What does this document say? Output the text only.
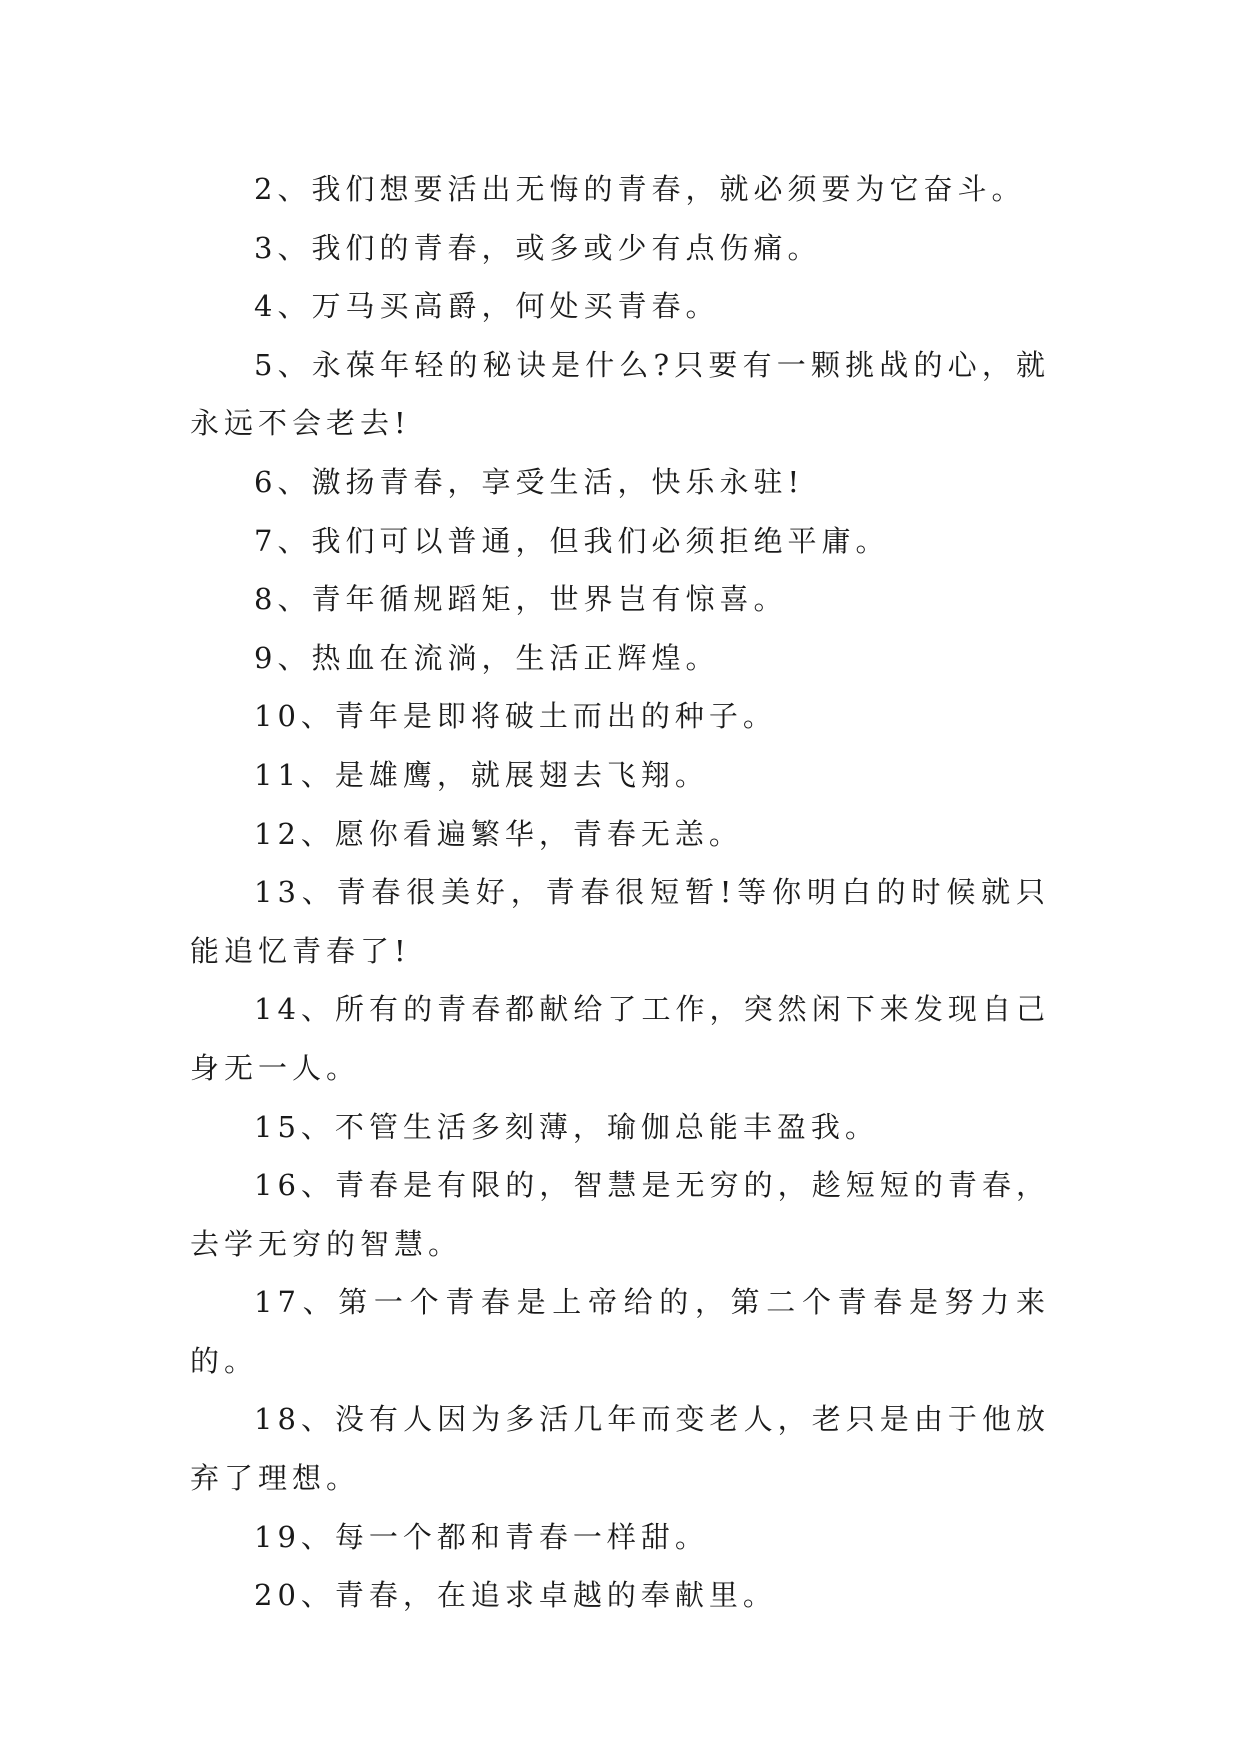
2、我们想要活出无悔的青春，就必须要为它奋斗。

3、我们的青春，或多或少有点伤痛。

4、万马买高爵，何处买青春。

5、永葆年轻的秘诀是什么?只要有一颗挑战的心，就永远不会老去!

6、激扬青春，享受生活，快乐永驻!

7、我们可以普通，但我们必须拒绝平庸。

8、青年循规蹈矩，世界岂有惊喜。

9、热血在流淌，生活正辉煌。

10、青年是即将破土而出的种子。

11、是雄鹰，就展翅去飞翔。

12、愿你看遍繁华，青春无恙。

13、青春很美好，青春很短暂!等你明白的时候就只能追忆青春了!

14、所有的青春都献给了工作，突然闲下来发现自己身无一人。

15、不管生活多刻薄，瑜伽总能丰盈我。

16、青春是有限的，智慧是无穷的，趁短短的青春，去学无穷的智慧。

17、第一个青春是上帝给的，第二个青春是努力来的。

18、没有人因为多活几年而变老人，老只是由于他放弃了理想。

19、每一个都和青春一样甜。

20、青春，在追求卓越的奉献里。
